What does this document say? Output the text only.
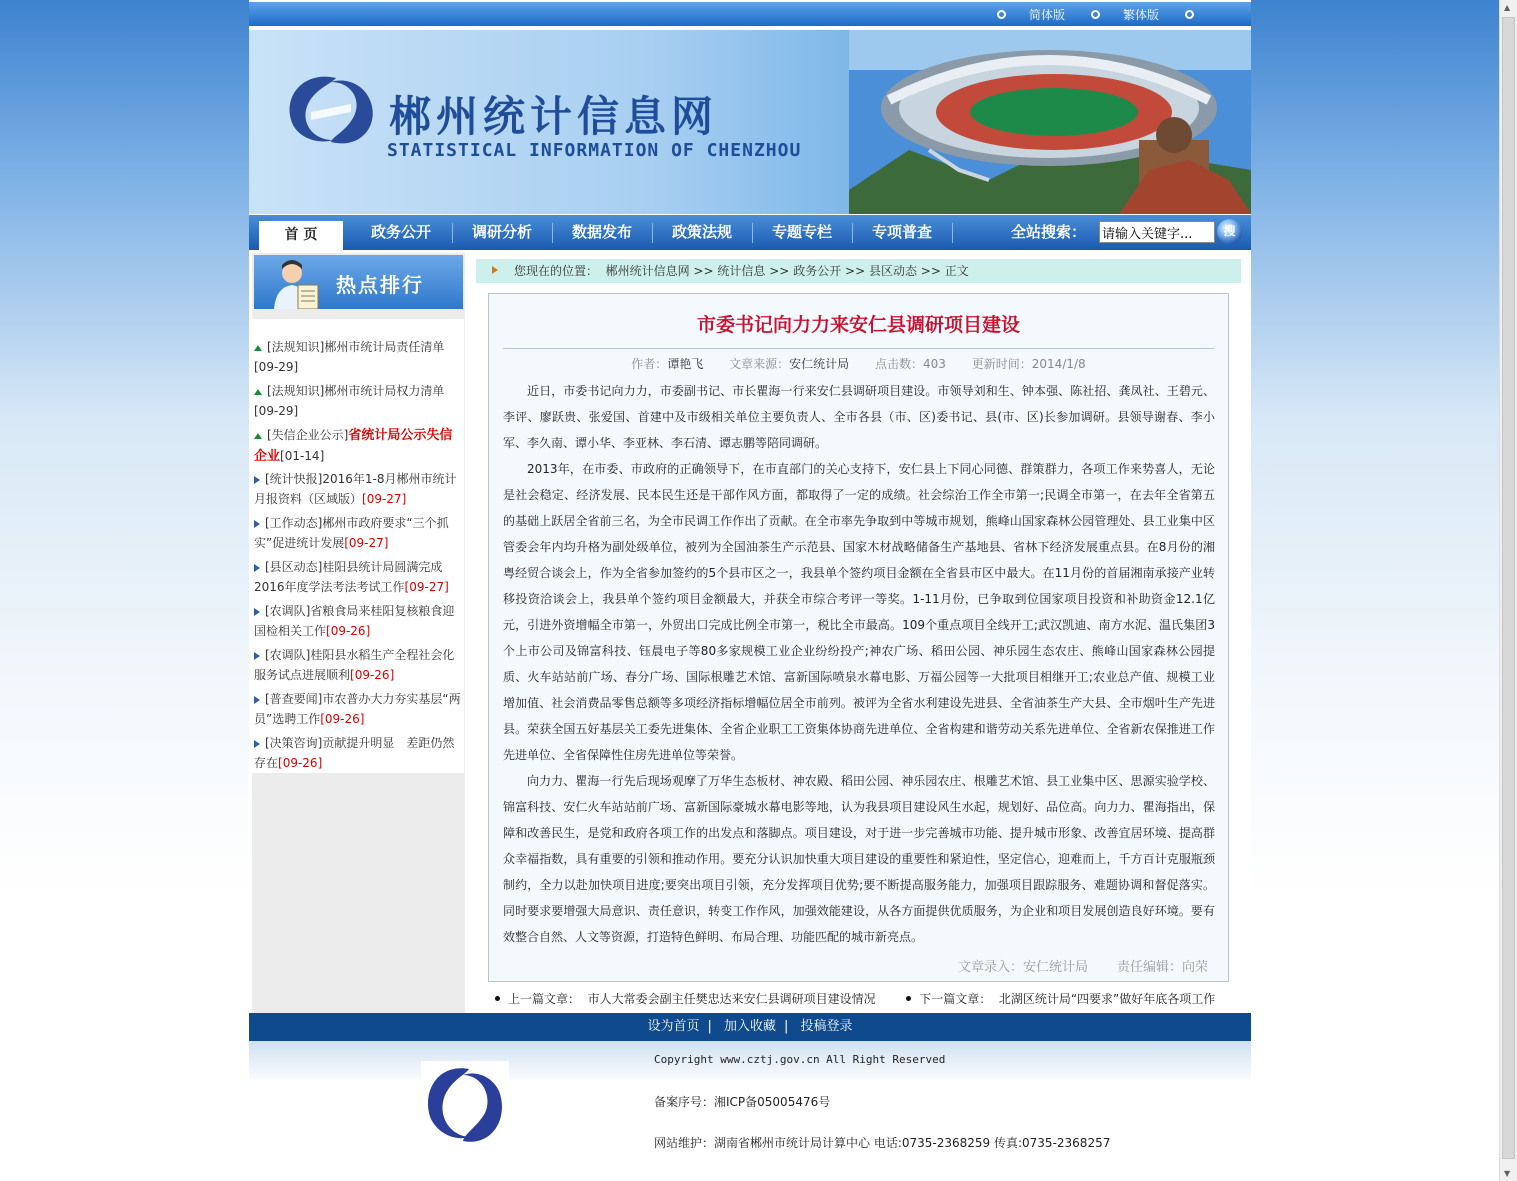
▲
▼
简体版	繁体版
郴州统计信息网
STATISTICAL INFORMATION OF CHENZHOU
首 页	政务公开	调研分析	数据发布	政策法规	专题专栏	专项普查	全站搜索：
请输入关键字...	搜
热点排行
[法规知识]郴州市统计局责任清单
[09-29]
[法规知识]郴州市统计局权力清单
[09-29]
[失信企业公示]省统计局公示失信企业[01-14]
[统计快报]2016年1-8月郴州市统计月报资料（区域版）[09-27]
[工作动态]郴州市政府要求“三个抓实”促进统计发展[09-27]
[县区动态]桂阳县统计局圆满完成2016年度学法考法考试工作[09-27]
[农调队]省粮食局来桂阳复核粮食迎国检相关工作[09-26]
[农调队]桂阳县水稻生产全程社会化服务试点进展顺利[09-26]
[普查要闻]市农普办大力夯实基层“两员”选聘工作[09-26]
[决策咨询]贡献提升明显　差距仍然存在[09-26]
您现在的位置： 郴州统计信息网 >> 统计信息 >> 政务公开 >> 县区动态 >> 正文
市委书记向力力来安仁县调研项目建设
作者：谭艳飞 文章来源：安仁统计局 点击数：403 更新时间：2014/1/8

近日，市委书记向力力，市委副书记、市长瞿海一行来安仁县调研项目建设。市领导刘和生、钟本强、陈社招、龚凤社、王碧元、李评、廖跃贵、张爱国、首建中及市级相关单位主要负责人、全市各县（市、区)委书记、县(市、区)长参加调研。县领导谢春、李小军、李久南、谭小华、李亚林、李石清、谭志鹏等陪同调研。

2013年，在市委、市政府的正确领导下，在市直部门的关心支持下，安仁县上下同心同德、群策群力，各项工作来势喜人，无论是社会稳定、经济发展、民本民生还是干部作风方面，都取得了一定的成绩。社会综治工作全市第一;民调全市第一，在去年全省第五的基础上跃居全省前三名，为全市民调工作作出了贡献。在全市率先争取到中等城市规划，熊峰山国家森林公园管理处、县工业集中区管委会年内均升格为副处级单位，被列为全国油茶生产示范县、国家木材战略储备生产基地县、省林下经济发展重点县。在8月份的湘粤经贸合谈会上，作为全省参加签约的5个县市区之一，我县单个签约项目金额在全省县市区中最大。在11月份的首届湘南承接产业转移投资洽谈会上，我县单个签约项目金额最大，并获全市综合考评一等奖。1-11月份，已争取到位国家项目投资和补助资金12.1亿元，引进外资增幅全市第一，外贸出口完成比例全市第一，税比全市最高。109个重点项目全线开工;武汉凯迪、南方水泥、温氏集团3个上市公司及锦富科技、钰晨电子等80多家规模工业企业纷纷投产;神农广场、稻田公园、神乐园生态农庄、熊峰山国家森林公园提质、火车站站前广场、春分广场、国际根雕艺术馆、富新国际喷泉水幕电影、万福公园等一大批项目相继开工;农业总产值、规模工业增加值、社会消费品零售总额等多项经济指标增幅位居全市前列。被评为全省水利建设先进县、全省油茶生产大县、全市烟叶生产先进县。荣获全国五好基层关工委先进集体、全省企业职工工资集体协商先进单位、全省构建和谐劳动关系先进单位、全省新农保推进工作先进单位、全省保障性住房先进单位等荣誉。

向力力、瞿海一行先后现场观摩了万华生态板材、神农殿、稻田公园、神乐园农庄、根雕艺术馆、县工业集中区、思源实验学校、锦富科技、安仁火车站站前广场、富新国际豪城水幕电影等地，认为我县项目建设风生水起，规划好、品位高。向力力、瞿海指出，保障和改善民生，是党和政府各项工作的出发点和落脚点。项目建设，对于进一步完善城市功能、提升城市形象、改善宜居环境、提高群众幸福指数，具有重要的引领和推动作用。要充分认识加快重大项目建设的重要性和紧迫性，坚定信心，迎难而上，千方百计克服瓶颈制约，全力以赴加快项目进度;要突出项目引领，充分发挥项目优势;要不断提高服务能力，加强项目跟踪服务、难题协调和督促落实。同时要求要增强大局意识、责任意识，转变工作作风，加强效能建设，从各方面提供优质服务，为企业和项目发展创造良好环境。要有效整合自然、人文等资源，打造特色鲜明、布局合理、功能匹配的城市新亮点。

文章录入：安仁统计局 责任编辑：向荣
上一篇文章： 市人大常委会副主任樊忠达来安仁县调研项目建设情况	下一篇文章： 北湖区统计局“四要求”做好年底各项工作
设为首页 | 加入收藏 | 投稿登录
Copyright www.cztj.gov.cn All Right Reserved
备案序号：湘ICP备05005476号
网站维护：湖南省郴州市统计局计算中心 电话:0735-2368259 传真:0735-2368257
